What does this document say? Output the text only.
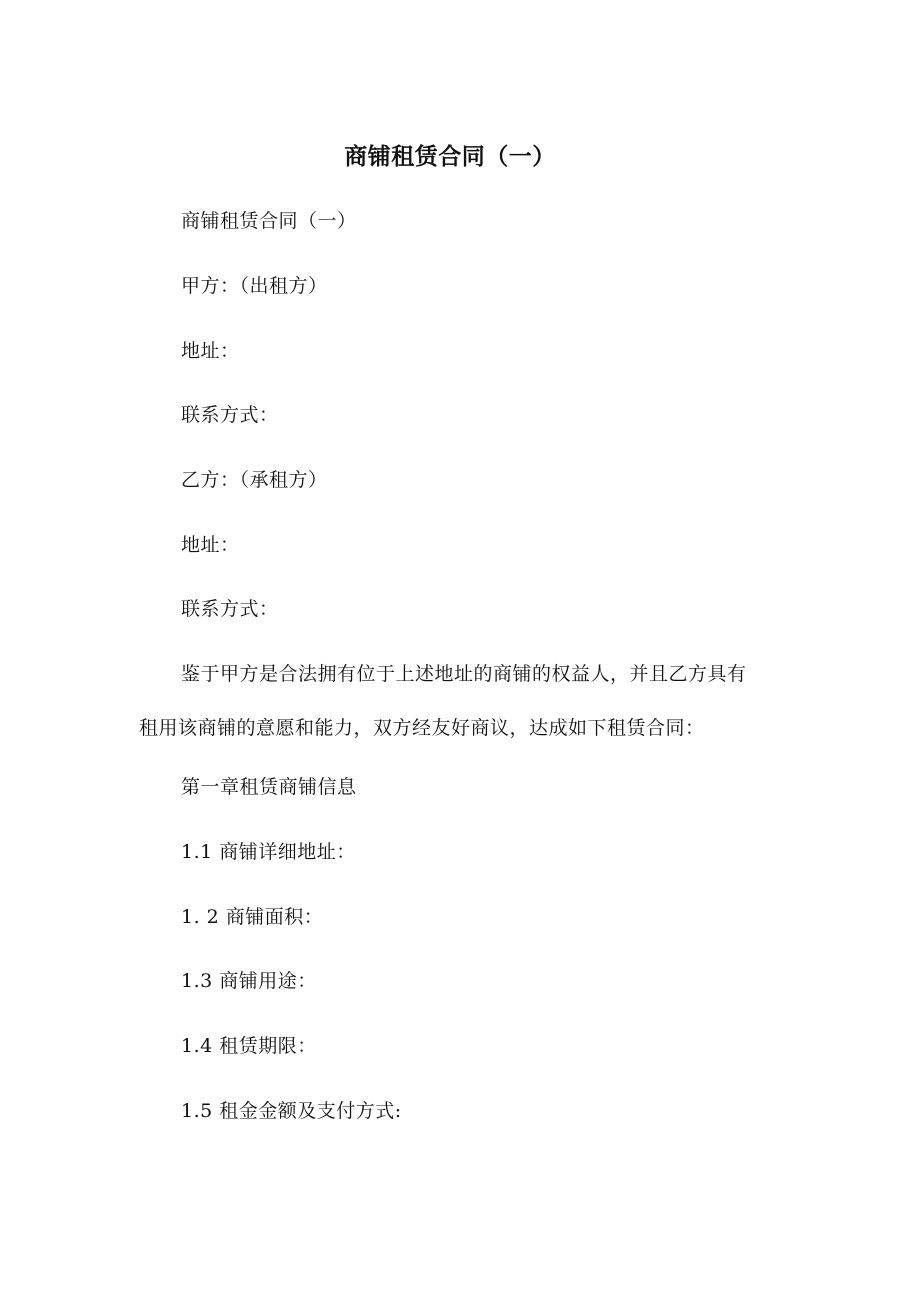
商铺租赁合同（一）
商铺租赁合同（一）
甲方：（出租方）
地址：
联系方式：
乙方：（承租方）
地址：
联系方式：
鉴于甲方是合法拥有位于上述地址的商铺的权益人，并且乙方具有
租用该商铺的意愿和能力，双方经友好商议，达成如下租赁合同：
第一章租赁商铺信息
1.1 商铺详细地址：
1. 2 商铺面积：
1.3 商铺用途：
1.4 租赁期限：
1.5 租金金额及支付方式:
